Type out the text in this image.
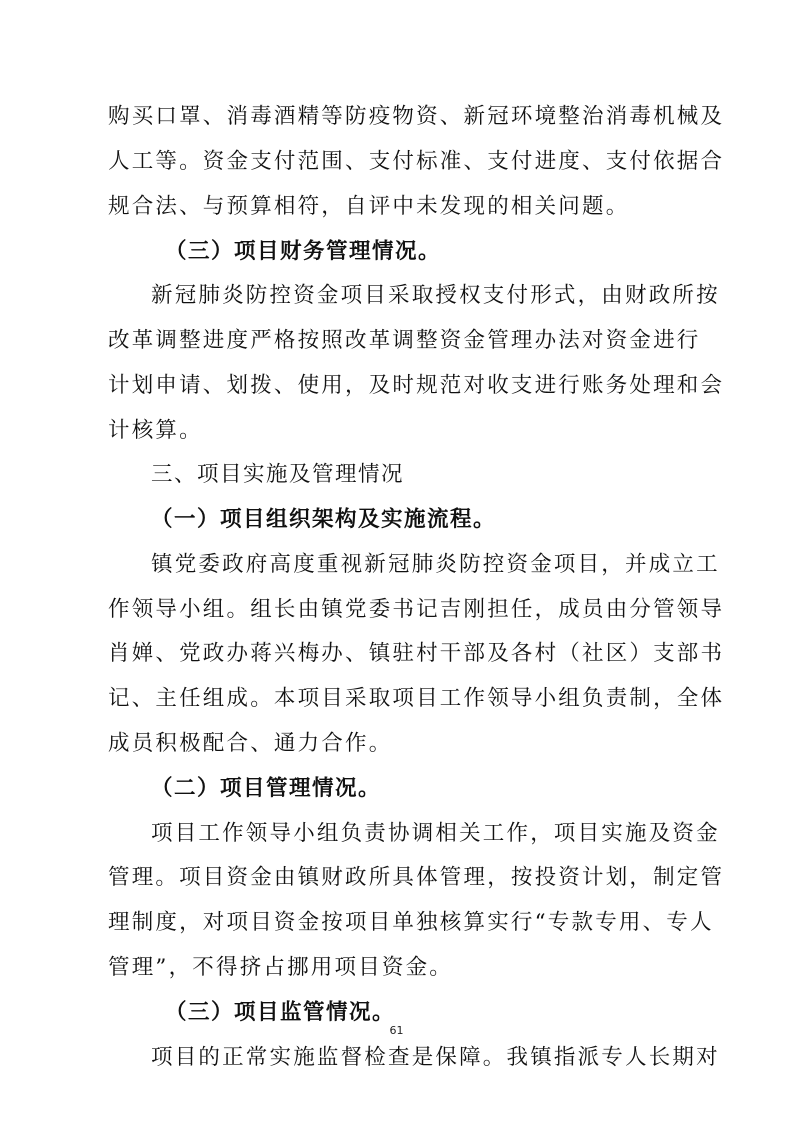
购买口罩、消毒酒精等防疫物资、新冠环境整治消毒机械及
人工等。资金支付范围、支付标准、支付进度、支付依据合
规合法、与预算相符，自评中未发现的相关问题。
（三）项目财务管理情况。
新冠肺炎防控资金项目采取授权支付形式，由财政所按
改革调整进度严格按照改革调整资金管理办法对资金进行
计划申请、划拨、使用，及时规范对收支进行账务处理和会
计核算。
三、项目实施及管理情况
（一）项目组织架构及实施流程。
镇党委政府高度重视新冠肺炎防控资金项目，并成立工
作领导小组。组长由镇党委书记吉刚担任，成员由分管领导
肖婵、党政办蒋兴梅办、镇驻村干部及各村（社区）支部书
记、主任组成。本项目采取项目工作领导小组负责制，全体
成员积极配合、通力合作。
（二）项目管理情况。
项目工作领导小组负责协调相关工作，项目实施及资金
管理。项目资金由镇财政所具体管理，按投资计划，制定管
理制度，对项目资金按项目单独核算实行“专款专用、专人
管理”，不得挤占挪用项目资金。
（三）项目监管情况。
项目的正常实施监督检查是保障。我镇指派专人长期对
61
